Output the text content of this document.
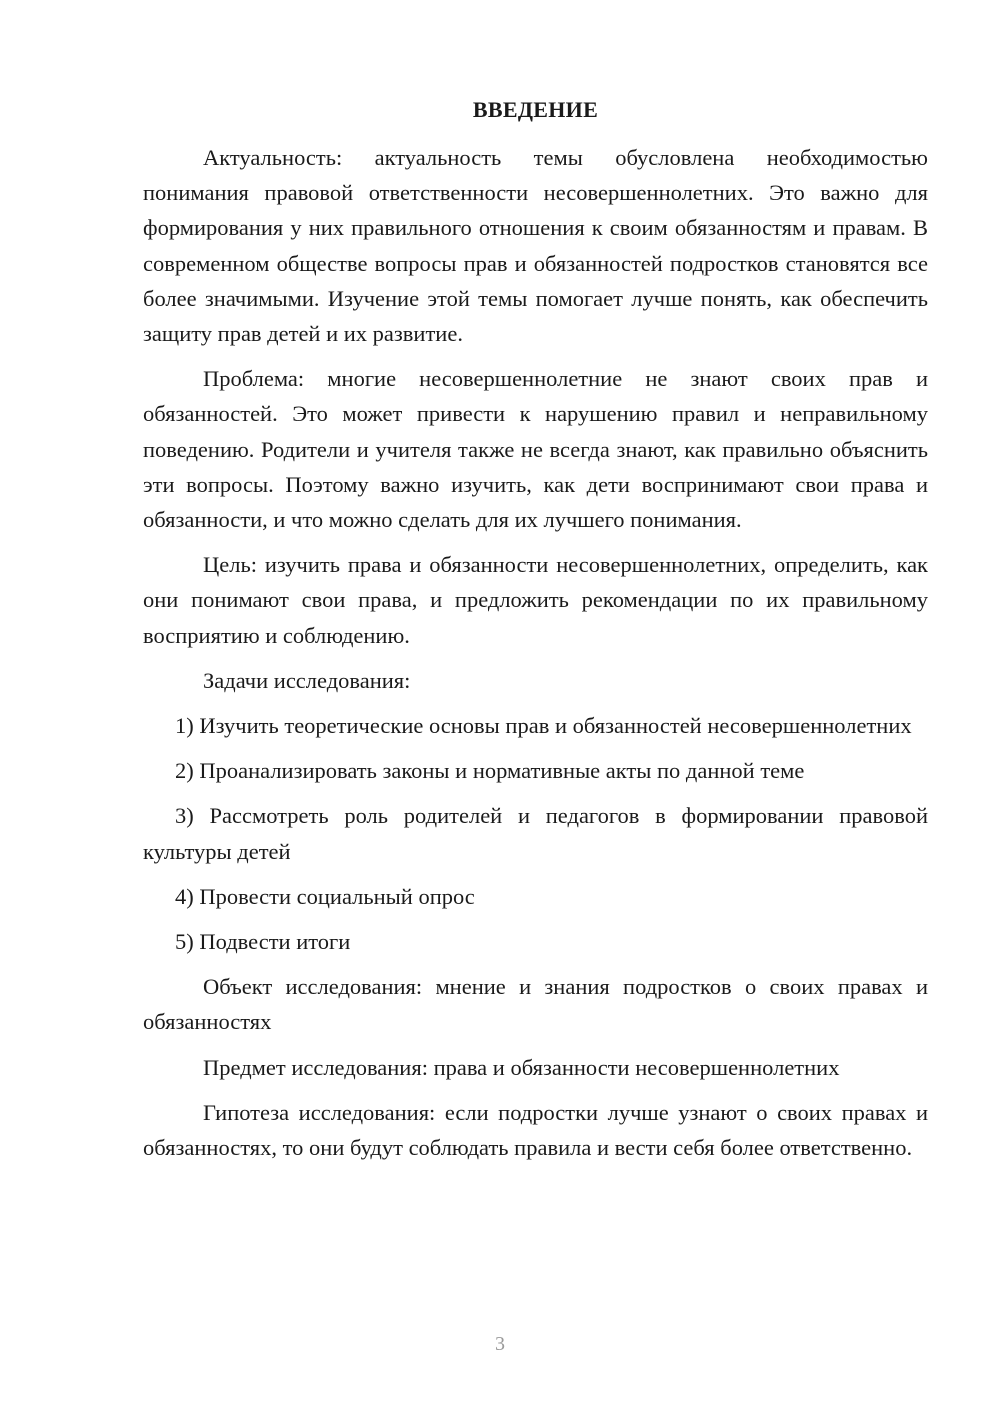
ВВЕДЕНИЕ

Актуальность: актуальность темы обусловлена необходимостью понимания правовой ответственности несовершеннолетних. Это важно для формирования у них правильного отношения к своим обязанностям и правам. В современном обществе вопросы прав и обязанностей подростков становятся все более значимыми. Изучение этой темы помогает лучше понять, как обеспечить защиту прав детей и их развитие.

Проблема: многие несовершеннолетние не знают своих прав и обязанностей. Это может привести к нарушению правил и неправильному поведению. Родители и учителя также не всегда знают, как правильно объяснить эти вопросы. Поэтому важно изучить, как дети воспринимают свои права и обязанности, и что можно сделать для их лучшего понимания.

Цель: изучить права и обязанности несовершеннолетних, определить, как они понимают свои права, и предложить рекомендации по их правильному восприятию и соблюдению.

Задачи исследования:

1) Изучить теоретические основы прав и обязанностей несовершеннолетних

2) Проанализировать законы и нормативные акты по данной теме

3) Рассмотреть роль родителей и педагогов в формировании правовой культуры детей

4) Провести социальный опрос

5) Подвести итоги

Объект исследования: мнение и знания подростков о своих правах и обязанностях

Предмет исследования: права и обязанности несовершеннолетних

Гипотеза исследования: если подростки лучше узнают о своих правах и обязанностях, то они будут соблюдать правила и вести себя более ответственно.

3
